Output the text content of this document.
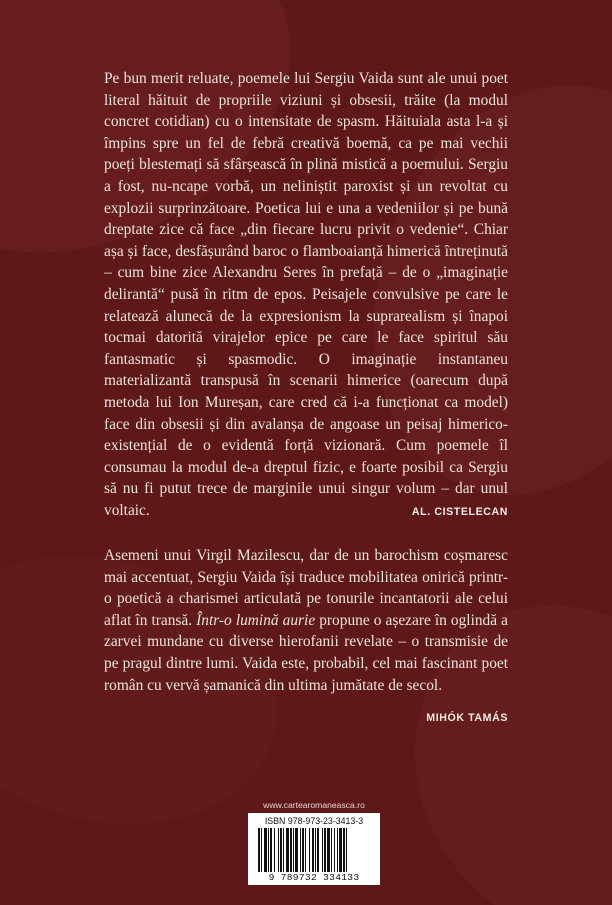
Pe bun merit reluate, poemele lui Sergiu Vaida sunt ale unui poet literal hăituit de propriile viziuni și obsesii, trăite (la modul concret cotidian) cu o intensitate de spasm. Hăituiala asta l-a și împins spre un fel de febră creativă boemă, ca pe mai vechii poeți blestemați să sfârșească în plină mistică a poemului. Sergiu a fost, nu-ncape vorbă, un neliniștit paroxist și un revoltat cu explozii surprinzătoare. Poetica lui e una a vedeniilor și pe bună dreptate zice că face „din fiecare lucru privit o vedenie“. Chiar așa și face, desfășurând baroc o flamboaianță himerică întreținută – cum bine zice Alexandru Seres în prefață – de o „imaginație delirantă“ pusă în ritm de epos. Peisajele convulsive pe care le relatează alunecă de la expresionism la suprarealism și înapoi tocmai datorită virajelor epice pe care le face spiritul său fantasmatic și spasmodic. O imaginație instantaneu materializantă transpusă în scenarii himerice (oarecum după metoda lui Ion Mureșan, care cred că i-a funcționat ca model) face din obsesii și din avalanșa de angoase un peisaj himerico-existențial de o evidentă forță vizionară. Cum poemele îl consumau la modul de-a dreptul fizic, e foarte posibil ca Sergiu să nu fi putut trece de marginile unui singur volum – dar unul voltaic.	AL. CISTELECAN

Asemeni unui Virgil Mazilescu, dar de un barochism coșmaresc mai accentuat, Sergiu Vaida își traduce mobilitatea onirică printr-o poetică a charismei articulată pe tonurile incantatorii ale celui aflat în transă. Într-o lumină aurie propune o așezare în oglindă a zarvei mundane cu diverse hierofanii revelate – o transmisie de pe pragul dintre lumi. Vaida este, probabil, cel mai fascinant poet român cu vervă șamanică din ultima jumătate de secol.

MIHÓK TAMÁS
www.cartearomaneasca.ro
ISBN 978-973-23-3413-3
9 789732 334133
